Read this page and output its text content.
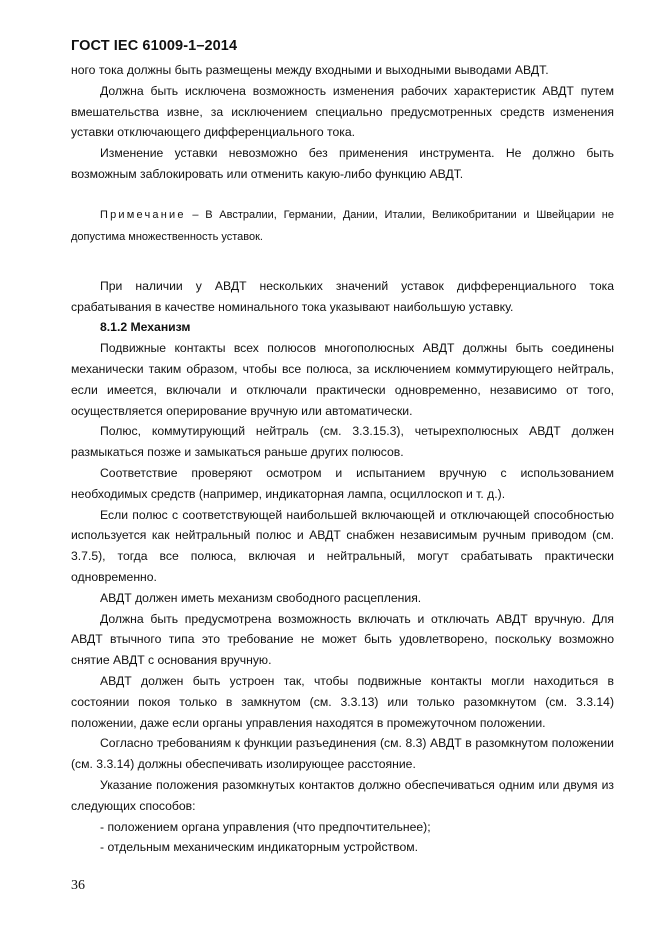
ГОСТ IEC 61009-1–2014

ного тока должны быть размещены между входными и выходными выводами АВДТ.

Должна быть исключена возможность изменения рабочих характеристик АВДТ путем вмешательства извне, за исключением специально предусмотренных средств изменения уставки отключающего дифференциального тока.

Изменение уставки невозможно без применения инструмента. Не должно быть возможным заблокировать или отменить какую-либо функцию АВДТ.

Примечание – В Австралии, Германии, Дании, Италии, Великобритании и Швейцарии не допустима множественность уставок.

При наличии у АВДТ нескольких значений уставок дифференциального тока срабатывания в качестве номинального тока указывают наибольшую уставку.

8.1.2 Механизм

Подвижные контакты всех полюсов многополюсных АВДТ должны быть соединены механически таким образом, чтобы все полюса, за исключением коммутирующего нейтраль, если имеется, включали и отключали практически одновременно, независимо от того, осуществляется оперирование вручную или автоматически.

Полюс, коммутирующий нейтраль (см. 3.3.15.3), четырехполюсных АВДТ должен размыкаться позже и замыкаться раньше других полюсов.

Соответствие проверяют осмотром и испытанием вручную с использованием необходимых средств (например, индикаторная лампа, осциллоскоп и т. д.).

Если полюс с соответствующей наибольшей включающей и отключающей способностью используется как нейтральный полюс и АВДТ снабжен независимым ручным приводом (см. 3.7.5), тогда все полюса, включая и нейтральный, могут срабатывать практически одновременно.

АВДТ должен иметь механизм свободного расцепления.

Должна быть предусмотрена возможность включать и отключать АВДТ вручную. Для АВДТ втычного типа это требование не может быть удовлетворено, поскольку возможно снятие АВДТ с основания вручную.

АВДТ должен быть устроен так, чтобы подвижные контакты могли находиться в состоянии покоя только в замкнутом (см. 3.3.13) или только разомкнутом (см. 3.3.14) положении, даже если органы управления находятся в промежуточном положении.

Согласно требованиям к функции разъединения (см. 8.3) АВДТ в разомкнутом положении (см. 3.3.14) должны обеспечивать изолирующее расстояние.

Указание положения разомкнутых контактов должно обеспечиваться одним или двумя из следующих способов:

- положением органа управления (что предпочтительнее);

- отдельным механическим индикаторным устройством.

36
